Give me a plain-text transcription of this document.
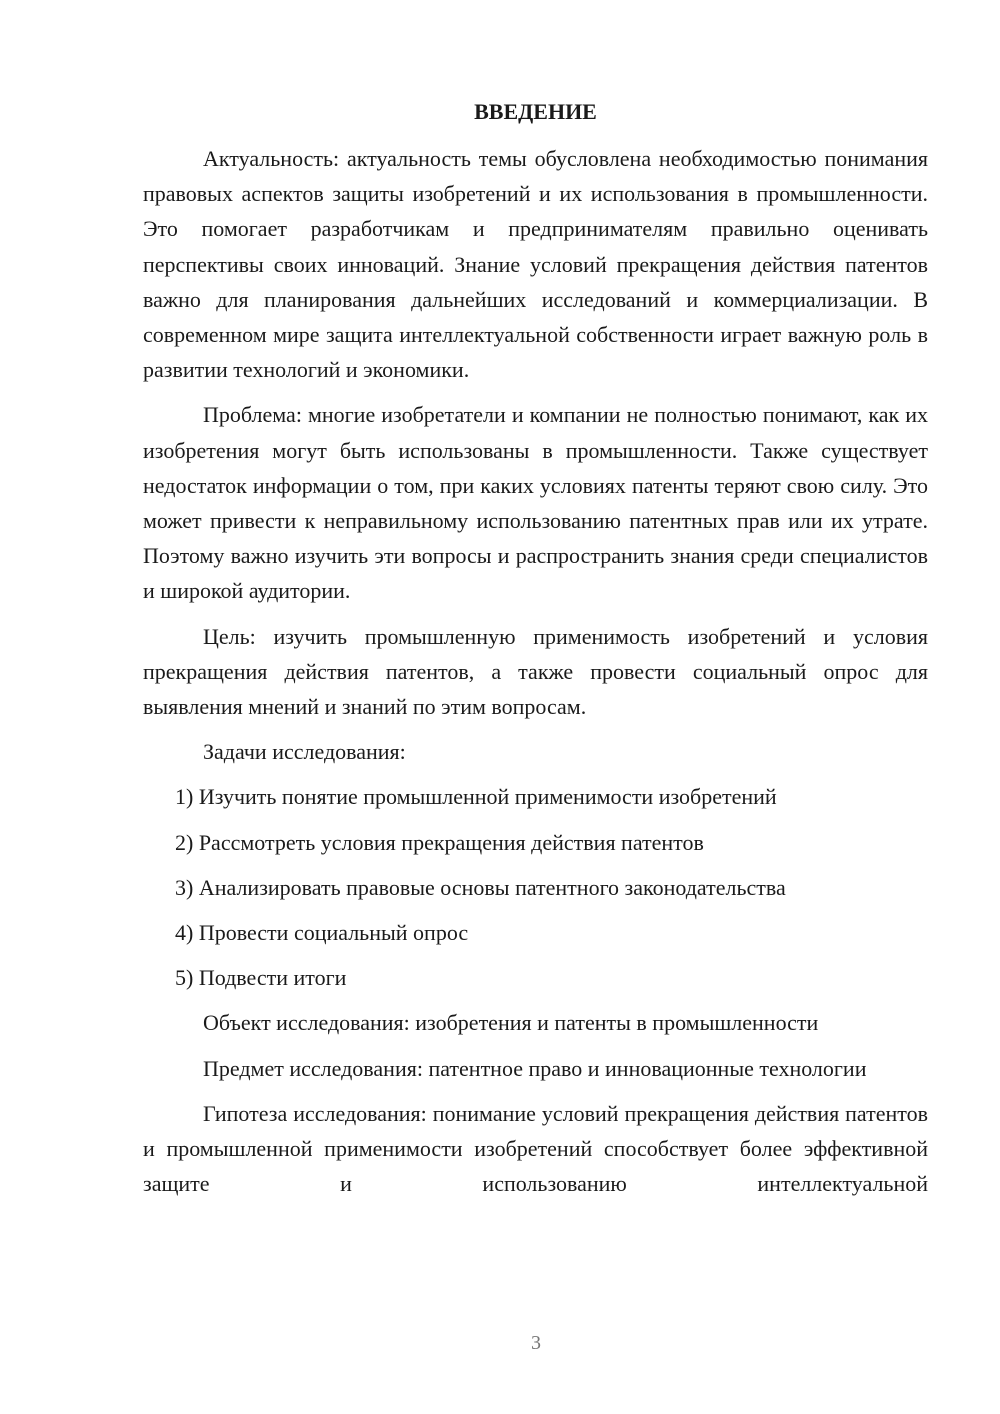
ВВЕДЕНИЕ

Актуальность: актуальность темы обусловлена необходимостью понимания правовых аспектов защиты изобретений и их использования в промышленности. Это помогает разработчикам и предпринимателям правильно оценивать перспективы своих инноваций. Знание условий прекращения действия патентов важно для планирования дальнейших исследований и коммерциализации. В современном мире защита интеллектуальной собственности играет важную роль в развитии технологий и экономики.

Проблема: многие изобретатели и компании не полностью понимают, как их изобретения могут быть использованы в промышленности. Также существует недостаток информации о том, при каких условиях патенты теряют свою силу. Это может привести к неправильному использованию патентных прав или их утрате. Поэтому важно изучить эти вопросы и распространить знания среди специалистов и широкой аудитории.

Цель: изучить промышленную применимость изобретений и условия прекращения действия патентов, а также провести социальный опрос для выявления мнений и знаний по этим вопросам.

Задачи исследования:

1) Изучить понятие промышленной применимости изобретений
2) Рассмотреть условия прекращения действия патентов
3) Анализировать правовые основы патентного законодательства
4) Провести социальный опрос
5) Подвести итоги

Объект исследования: изобретения и патенты в промышленности

Предмет исследования: патентное право и инновационные технологии

Гипотеза исследования: понимание условий прекращения действия патентов и промышленной применимости изобретений способствует более эффективной защите и использованию интеллектуальной

3
